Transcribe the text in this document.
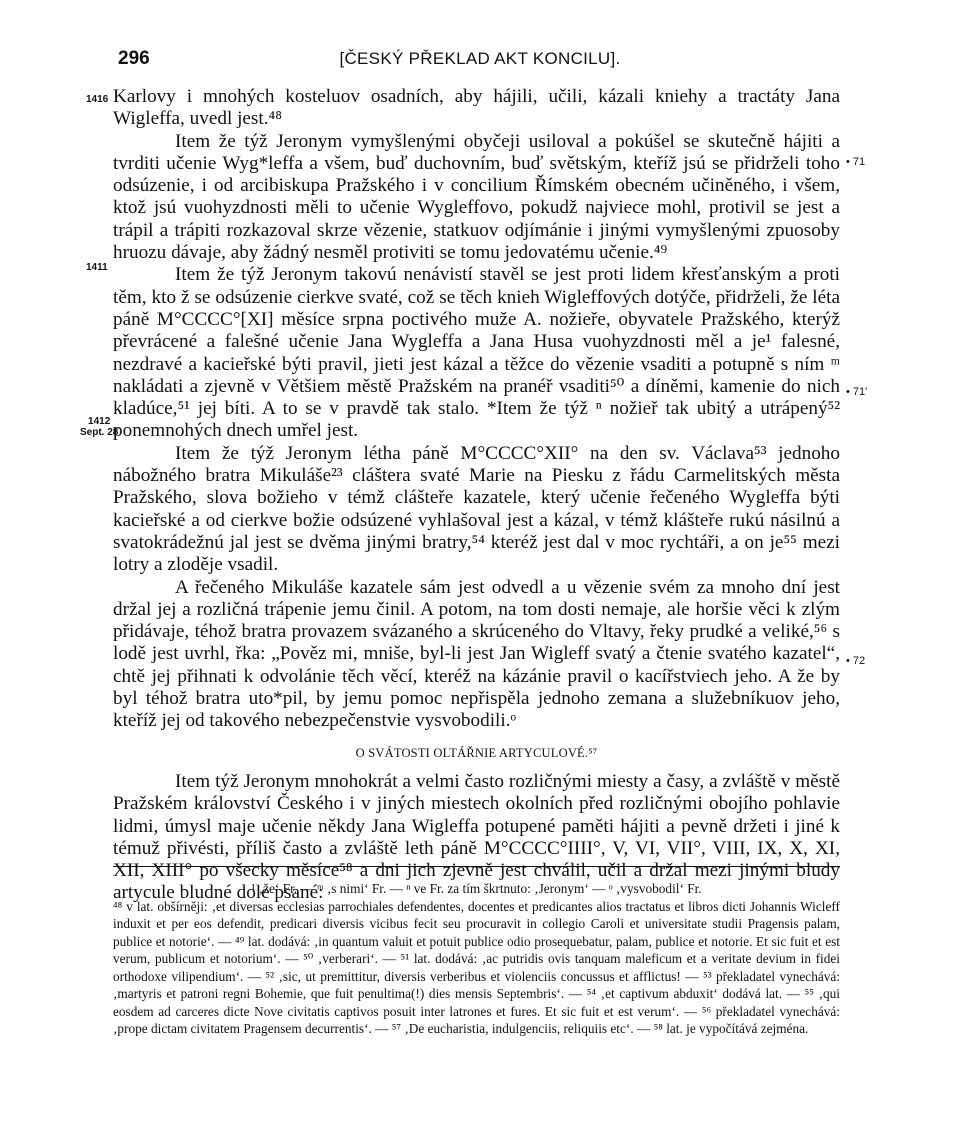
296	[ČESKÝ PŘEKLAD AKT KONCILU].
1416
1411
1412
Sept. 28
• 71
• 71'
• 72

Karlovy i mnohých kosteluov osadních, aby hájili, učili, kázali kniehy a tractáty Jana Wigleffa, uvedl jest.⁴⁸

Item že týž Jeronym vymyšlenými obyčeji usiloval a pokúšel se skutečně hájiti a tvrditi učenie Wyg*leffa a všem, buď duchovním, buď světským, kteříž jsú se přidrželi toho odsúzenie, i od arcibiskupa Pražského i v concilium Římském obecném učiněného, i všem, ktož jsú vuohyzdnosti měli to učenie Wygleffovo, pokudž najviece mohl, protivil se jest a trápil a trápiti rozkazoval skrze vězenie, statkuov odjímánie i jinými vymyšlenými zpuosoby hruozu dávaje, aby žádný nesměl protiviti se tomu jedovatému učenie.⁴⁹

Item že týž Jeronym takovú nenávistí stavěl se jest proti lidem křesťanským a proti těm, kto ž se odsúzenie cierkve svaté, což se těch knieh Wigleffových dotýče, přidrželi, že léta páně M°CCCC°[XI] měsíce srpna poctivého muže A. nožieře, obyvatele Pražského, kterýž převrácené a falešné učenie Jana Wygleffa a Jana Husa vuohyzdnosti měl a je¹ falesné, nezdravé a kacieřské býti pravil, jieti jest kázal a těžce do vězenie vsaditi a potupně s ním ᵐ nakládati a zjevně v Většiem městě Pražském na pranéř vsaditi⁵⁰ a díněmi, kamenie do nich kladúce,⁵¹ jej bíti. A to se v pravdě tak stalo. *Item že týž ⁿ nožieř tak ubitý a utrápený⁵² ponemnohých dnech umřel jest.

Item že týž Jeronym létha páně M°CCCC°XII° na den sv. Václava⁵³ jednoho nábožného bratra Mikuláše²³ cláštera svaté Marie na Piesku z řádu Carmelitských města Pražského, slova božieho v témž clášteře kazatele, který učenie řečeného Wygleffa býti kacieřské a od cierkve božie odsúzené vyhlašoval jest a kázal, v témž klášteře rukú násilnú a svatokrádežnú jal jest se dvěma jinými bratry,⁵⁴ kteréž jest dal v moc rychtáři, a on je⁵⁵ mezi lotry a zloděje vsadil.

A řečeného Mikuláše kazatele sám jest odvedl a u vězenie svém za mnoho dní jest držal jej a rozličná trápenie jemu činil. A potom, na tom dosti nemaje, ale horšie věci k zlým přidávaje, téhož bratra provazem svázaného a skrúceného do Vltavy, řeky prudké a veliké,⁵⁶ s lodě jest uvrhl, řka: „Pověz mi, mniše, byl-li jest Jan Wigleff svatý a čtenie svatého kazatel“, chtě jej přihnati k odvolánie těch věcí, kteréž na kázánie pravil o kacířstviech jeho. A že by byl téhož bratra uto*pil, by jemu pomoc nepřispěla jednoho zemana a služebníkuov jeho, kteříž jej od takového nebezpečenstvie vysvobodili.ᵒ

O SVÁTOSTI OLTÁŘNIE ARTYCULOVÉ.⁵⁷

Item týž Jeronym mnohokrát a velmi často rozličnými miesty a časy, a zvláště v městě Pražském království Českého i v jiných miestech okolních před rozličnými obojího pohlavie lidmi, úmysl maje učenie někdy Jana Wigleffa potupené paměti hájiti a pevně držeti i jiné k témuž přivésti, příliš často a zvláště leth páně M°CCCC°IIII°, V, VI, VII°, VIII, IX, X, XI, XII, XIII° po všecky měsíce⁵⁸ a dni jich zjevně jest chválil, učil a držal mezi jinými bludy artycule bludné dole psané:

¹ ‚že‘ Fr. — ᵐ ‚s nimi‘ Fr. — ⁿ ve Fr. za tím škrtnuto: ‚Jeronym‘ — ᵒ ‚vysvobodil‘ Fr.

⁴⁸ v lat. obšírněji: ‚et diversas ecclesias parrochiales defendentes, docentes et predicantes alios tractatus et libros dicti Johannis Wicleff induxit et per eos defendit, predicari diversis vicibus fecit seu procuravit in collegio Caroli et universitate studii Pragensis palam, publice et notorie‘. — ⁴⁹ lat. dodává: ‚in quantum valuit et potuit publice odio prosequebatur, palam, publice et notorie. Et sic fuit et est verum, publicum et notorium‘. — ⁵⁰ ‚verberari‘. — ⁵¹ lat. dodává: ‚ac putridis ovis tanquam maleficum et a veritate devium in fidei orthodoxe vilipendium‘. — ⁵² ‚sic, ut premittitur, diversis verberibus et violenciis concussus et afflictus! — ⁵³ překladatel vynechává: ‚martyris et patroni regni Bohemie, que fuit penultima(!) dies mensis Septembris‘. — ⁵⁴ ‚et captivum abduxit‘ dodává lat. — ⁵⁵ ‚qui eosdem ad carceres dicte Nove civitatis captivos posuit inter latrones et fures. Et sic fuit et est verum‘. — ⁵⁶ překladatel vynechává: ‚prope dictam civitatem Pragensem decurrentis‘. — ⁵⁷ ‚De eucharistia, indulgenciis, reliquiis etc‘. — ⁵⁸ lat. je vypočítává zejména.
